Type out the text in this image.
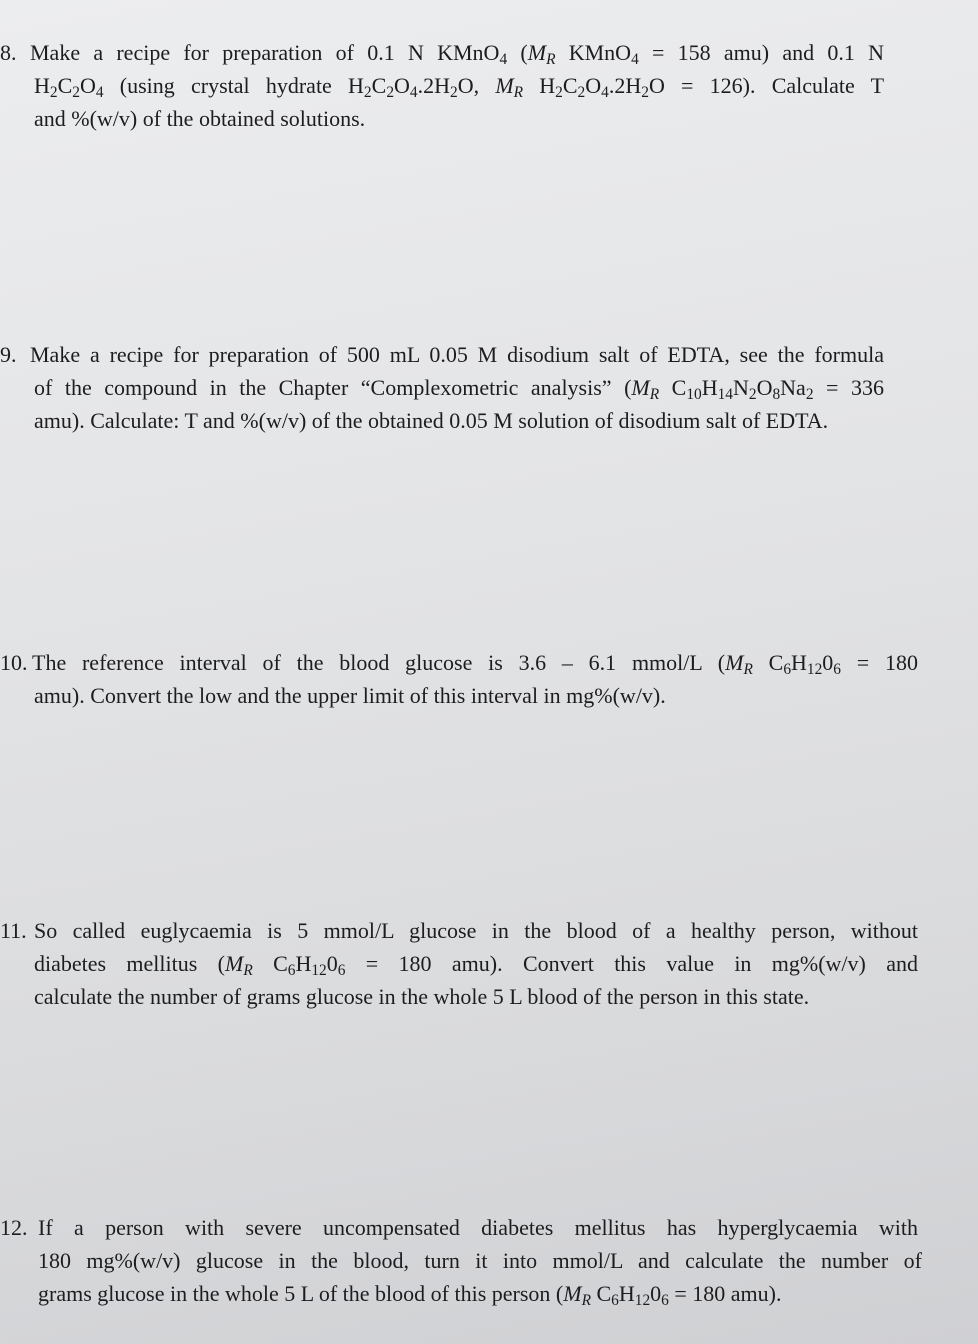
8. Make a recipe for preparation of 0.1 N KMnO$_4$ ($M_R$ KMnO$_4$ = 158 amu) and 0.1 N
$H_2C_2O_4$ (using crystal hydrate $H_2C_2O_4.2H_2O$, $M_R$ $H_2C_2O_4.2H_2O = 126$). Calculate T
and %(w/v) of the obtained solutions.
9. Make a recipe for preparation of 500 mL 0.05 M disodium salt of EDTA, see the formula
of the compound in the Chapter “Complexometric analysis” ($M_R$ $C_{10}H_{14}N_2O_8Na_2 = 336$
amu). Calculate: T and %(w/v) of the obtained 0.05 M solution of disodium salt of EDTA.
10. The reference interval of the blood glucose is 3.6 – 6.1 mmol/L ($M_R$ $C_6H_{12}0_6 = 180$
amu). Convert the low and the upper limit of this interval in mg%(w/v).
11. So called euglycaemia is 5 mmol/L glucose in the blood of a healthy person, without
diabetes mellitus ($M_R$ $C_6H_{12}0_6 = 180$ amu). Convert this value in mg%(w/v) and
calculate the number of grams glucose in the whole 5 L blood of the person in this state.
12. If a person with severe uncompensated diabetes mellitus has hyperglycaemia with
180 mg%(w/v) glucose in the blood, turn it into mmol/L and calculate the number of
grams glucose in the whole 5 L of the blood of this person ($M_R$ $C_6H_{12}0_6 = 180$ amu).
